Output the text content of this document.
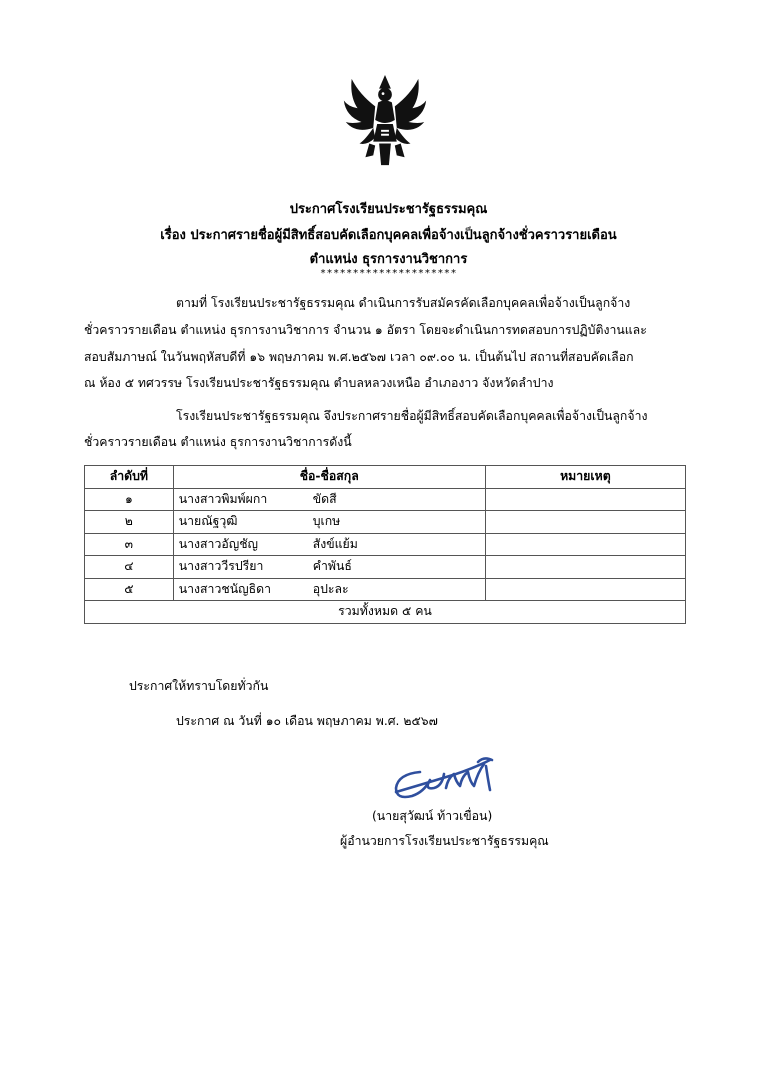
ประกาศโรงเรียนประชารัฐธรรมคุณ
เรื่อง ประกาศรายชื่อผู้มีสิทธิ์สอบคัดเลือกบุคคลเพื่อจ้างเป็นลูกจ้างชั่วคราวรายเดือน
ตำแหน่ง ธุรการงานวิชาการ
*********************
ตามที่ โรงเรียนประชารัฐธรรมคุณ ดำเนินการรับสมัครคัดเลือกบุคคลเพื่อจ้างเป็นลูกจ้าง
ชั่วคราวรายเดือน ตำแหน่ง ธุรการงานวิชาการ จำนวน ๑ อัตรา โดยจะดำเนินการทดสอบการปฏิบัติงานและ
สอบสัมภาษณ์ ในวันพฤหัสบดีที่ ๑๖ พฤษภาคม พ.ศ.๒๕๖๗ เวลา ๐๙.๐๐ น. เป็นต้นไป สถานที่สอบคัดเลือก
ณ ห้อง ๕ ทศวรรษ โรงเรียนประชารัฐธรรมคุณ ตำบลหลวงเหนือ อำเภองาว จังหวัดลำปาง
โรงเรียนประชารัฐธรรมคุณ จึงประกาศรายชื่อผู้มีสิทธิ์สอบคัดเลือกบุคคลเพื่อจ้างเป็นลูกจ้าง
ชั่วคราวรายเดือน ตำแหน่ง ธุรการงานวิชาการดังนี้
ลำดับที่	ชื่อ-ชื่อสกุล	หมายเหตุ
๑	นางสาวพิมพ์ผกา ขัดสี	
๒	นายณัฐวุฒิ บุเกษ	
๓	นางสาวอัญชัญ สังข์แย้ม	
๔	นางสาววีรปรียา คำพันธ์	
๕	นางสาวชนัญธิดา อุปะละ	
รวมทั้งหมด ๕ คน		
ประกาศให้ทราบโดยทั่วกัน
ประกาศ ณ วันที่ ๑๐ เดือน พฤษภาคม พ.ศ. ๒๕๖๗
(นายสุวัฒน์ ท้าวเขื่อน)
ผู้อำนวยการโรงเรียนประชารัฐธรรมคุณ
